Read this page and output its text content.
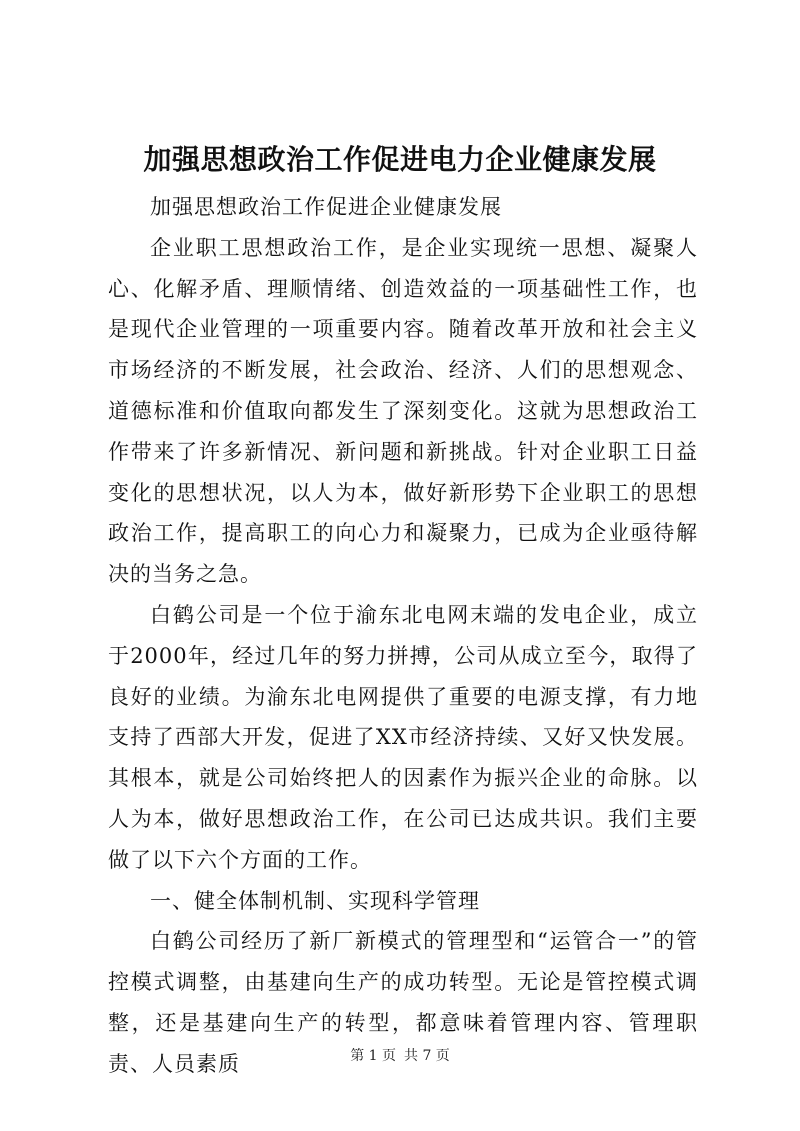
加强思想政治工作促进电力企业健康发展

加强思想政治工作促进企业健康发展

企业职工思想政治工作，是企业实现统一思想、凝聚人心、化解矛盾、理顺情绪、创造效益的一项基础性工作，也是现代企业管理的一项重要内容。随着改革开放和社会主义市场经济的不断发展，社会政治、经济、人们的思想观念、道德标准和价值取向都发生了深刻变化。这就为思想政治工作带来了许多新情况、新问题和新挑战。针对企业职工日益变化的思想状况，以人为本，做好新形势下企业职工的思想政治工作，提高职工的向心力和凝聚力，已成为企业亟待解决的当务之急。

白鹤公司是一个位于渝东北电网末端的发电企业，成立于2000年，经过几年的努力拼搏，公司从成立至今，取得了良好的业绩。为渝东北电网提供了重要的电源支撑，有力地支持了西部大开发，促进了XX市经济持续、又好又快发展。其根本，就是公司始终把人的因素作为振兴企业的命脉。以人为本，做好思想政治工作，在公司已达成共识。我们主要做了以下六个方面的工作。

一、健全体制机制、实现科学管理

白鹤公司经历了新厂新模式的管理型和“运管合一”的管控模式调整，由基建向生产的成功转型。无论是管控模式调整，还是基建向生产的转型，都意味着管理内容、管理职责、人员素质	第 1 页 共 7 页
